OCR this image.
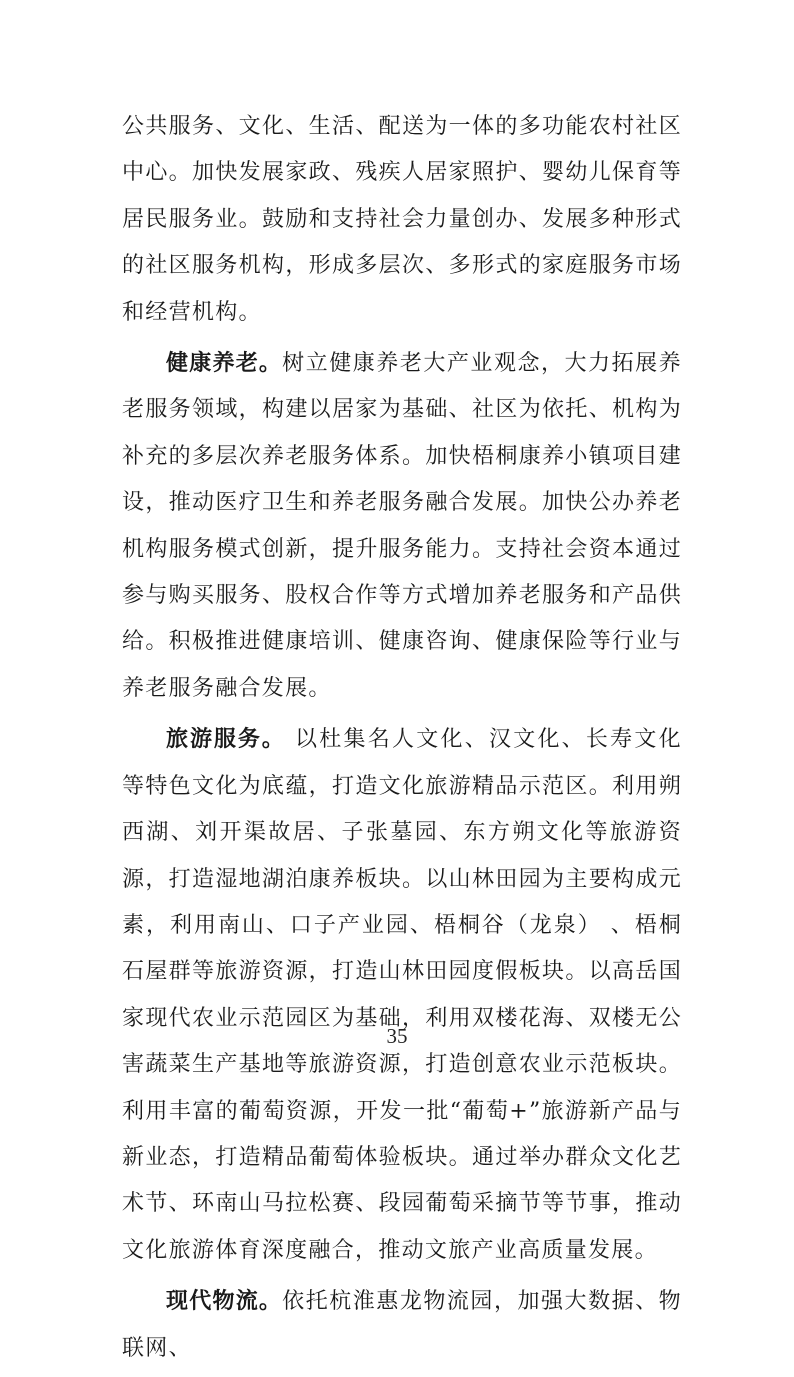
公共服务、文化、生活、配送为一体的多功能农村社区中心。加快发展家政、残疾人居家照护、婴幼儿保育等居民服务业。鼓励和支持社会力量创办、发展多种形式的社区服务机构，形成多层次、多形式的家庭服务市场和经营机构。

健康养老。树立健康养老大产业观念，大力拓展养老服务领域，构建以居家为基础、社区为依托、机构为补充的多层次养老服务体系。加快梧桐康养小镇项目建设，推动医疗卫生和养老服务融合发展。加快公办养老机构服务模式创新，提升服务能力。支持社会资本通过参与购买服务、股权合作等方式增加养老服务和产品供给。积极推进健康培训、健康咨询、健康保险等行业与养老服务融合发展。

旅游服务。 以杜集名人文化、汉文化、长寿文化等特色文化为底蕴，打造文化旅游精品示范区。利用朔西湖、刘开渠故居、子张墓园、东方朔文化等旅游资源，打造湿地湖泊康养板块。以山林田园为主要构成元素，利用南山、口子产业园、梧桐谷（龙泉） 、梧桐石屋群等旅游资源，打造山林田园度假板块。以高岳国家现代农业示范园区为基础，利用双楼花海、双楼无公害蔬菜生产基地等旅游资源，打造创意农业示范板块。利用丰富的葡萄资源，开发一批“葡萄+”旅游新产品与新业态，打造精品葡萄体验板块。通过举办群众文化艺术节、环南山马拉松赛、段园葡萄采摘节等节事，推动文化旅游体育深度融合，推动文旅产业高质量发展。

现代物流。依托杭淮惠龙物流园，加强大数据、物联网、

35
